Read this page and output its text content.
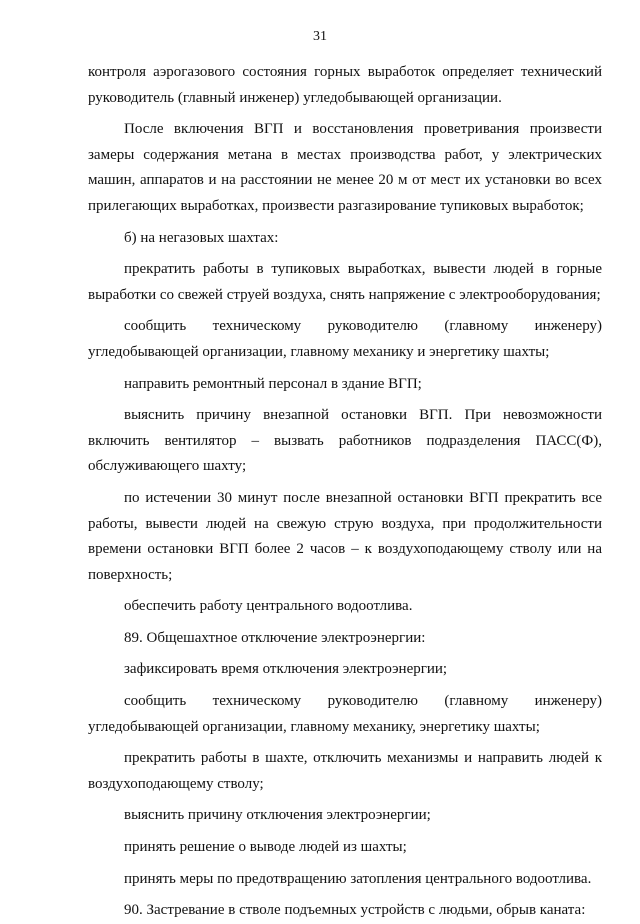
31

контроля аэрогазового состояния горных выработок определяет технический руководитель (главный инженер) угледобывающей организации.

После включения ВГП и восстановления проветривания произвести замеры содержания метана в местах производства работ, у электрических машин, аппаратов и на расстоянии не менее 20 м от мест их установки во всех прилегающих выработках, произвести разгазирование тупиковых выработок;

б) на негазовых шахтах:

прекратить работы в тупиковых выработках, вывести людей в горные выработки со свежей струей воздуха, снять напряжение с электрооборудования;

сообщить техническому руководителю (главному инженеру) угледобывающей организации, главному механику и энергетику шахты;

направить ремонтный персонал в здание ВГП;

выяснить причину внезапной остановки ВГП. При невозможности включить вентилятор – вызвать работников подразделения ПАСС(Ф), обслуживающего шахту;

по истечении 30 минут после внезапной остановки ВГП прекратить все работы, вывести людей на свежую струю воздуха, при продолжительности времени остановки ВГП более 2 часов – к воздухоподающему стволу или на поверхность;

обеспечить работу центрального водоотлива.

89. Общешахтное отключение электроэнергии:

зафиксировать время отключения электроэнергии;

сообщить техническому руководителю (главному инженеру) угледобывающей организации, главному механику, энергетику шахты;

прекратить работы в шахте, отключить механизмы и направить людей к воздухоподающему стволу;

выяснить причину отключения электроэнергии;

принять решение о выводе людей из шахты;

принять меры по предотвращению затопления центрального водоотлива.

90. Застревание в стволе подъемных устройств с людьми, обрыв каната:
